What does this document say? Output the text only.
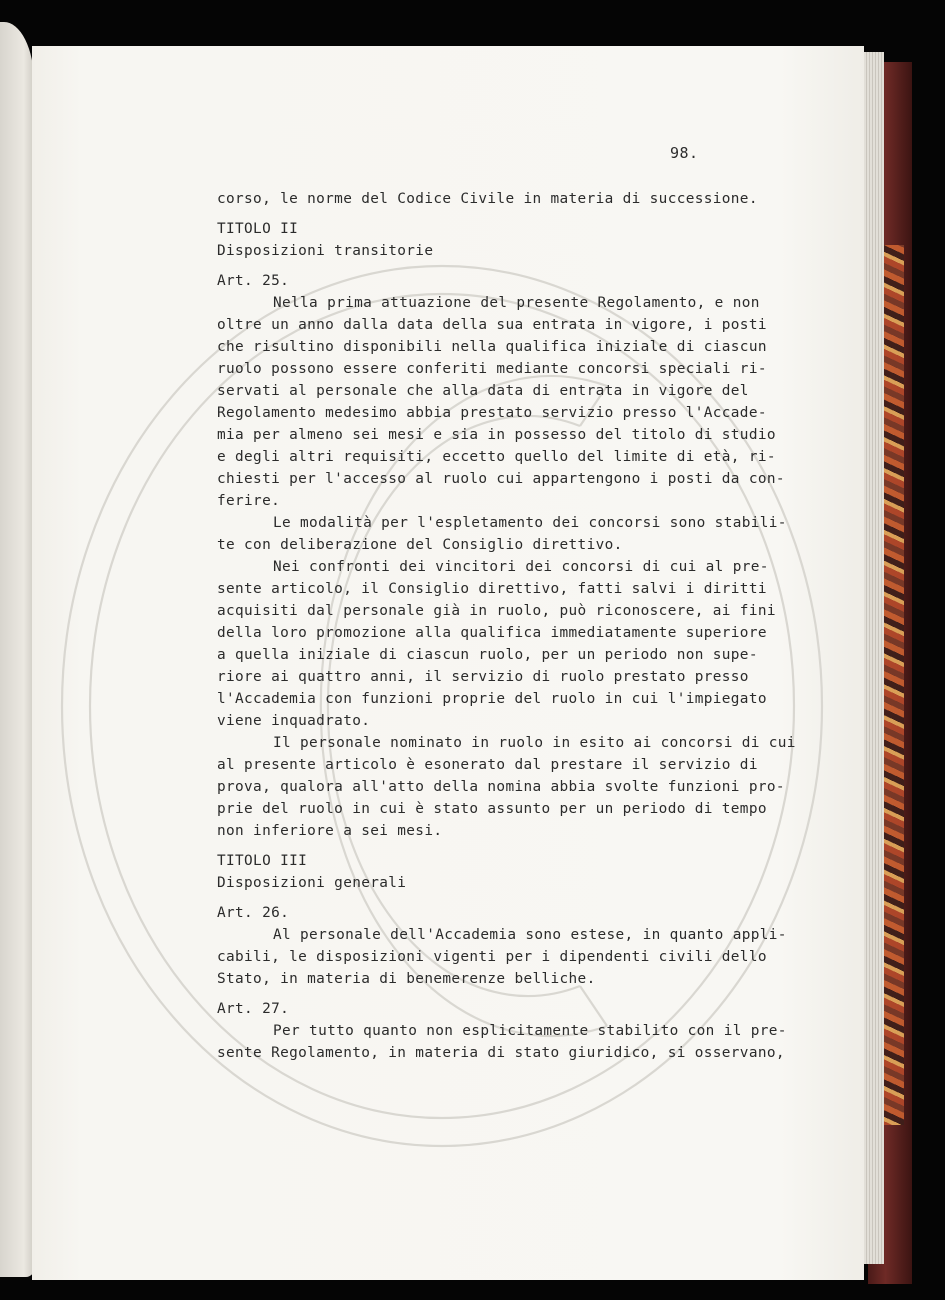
98.
corso, le norme del Codice Civile in materia di successione.
TITOLO II
Disposizioni transitorie
Art. 25.
Nella prima attuazione del presente Regolamento, e non
oltre un anno dalla data della sua entrata in vigore, i posti
che risultino disponibili nella qualifica iniziale di ciascun
ruolo possono essere conferiti mediante concorsi speciali ri-
servati al personale che alla data di entrata in vigore del
Regolamento medesimo abbia prestato servizio presso l'Accade-
mia per almeno sei mesi e sia in possesso del titolo di studio
e degli altri requisiti, eccetto quello del limite di età, ri-
chiesti per l'accesso al ruolo cui appartengono i posti da con-
ferire.
Le modalità per l'espletamento dei concorsi sono stabili-
te con deliberazione del Consiglio direttivo.
Nei confronti dei vincitori dei concorsi di cui al pre-
sente articolo, il Consiglio direttivo, fatti salvi i diritti
acquisiti dal personale già in ruolo, può riconoscere, ai fini
della loro promozione alla qualifica immediatamente superiore
a quella iniziale di ciascun ruolo, per un periodo non supe-
riore ai quattro anni, il servizio di ruolo prestato presso
l'Accademia con funzioni proprie del ruolo in cui l'impiegato
viene inquadrato.
Il personale nominato in ruolo in esito ai concorsi di cui
al presente articolo è esonerato dal prestare il servizio di
prova, qualora all'atto della nomina abbia svolte funzioni pro-
prie del ruolo in cui è stato assunto per un periodo di tempo
non inferiore a sei mesi.
TITOLO III
Disposizioni generali
Art. 26.
Al personale dell'Accademia sono estese, in quanto appli-
cabili, le disposizioni vigenti per i dipendenti civili dello
Stato, in materia di benemerenze belliche.
Art. 27.
Per tutto quanto non esplicitamente stabilito con il pre-
sente Regolamento, in materia di stato giuridico, si osservano,
